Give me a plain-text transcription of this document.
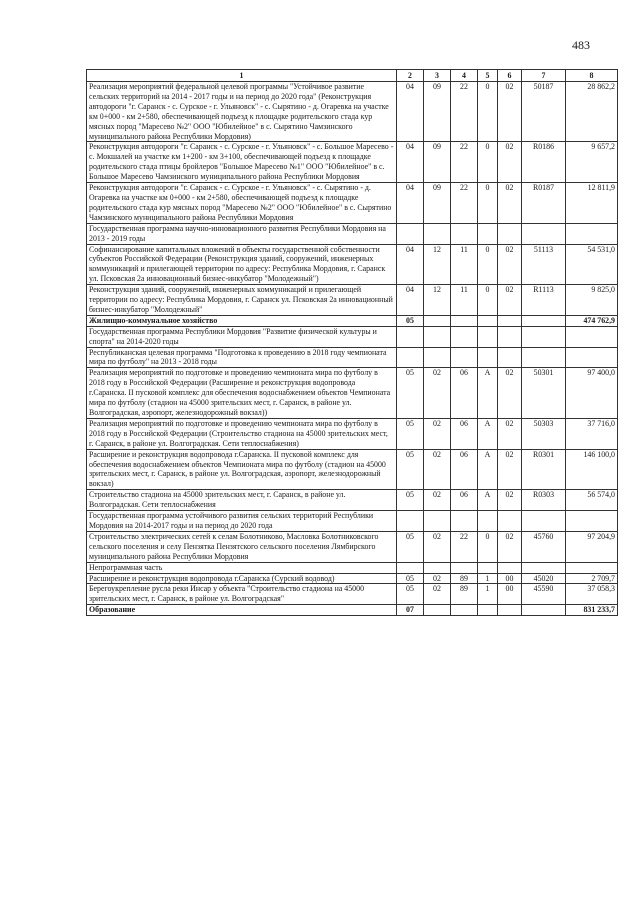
483
1	2	3	4	5	6	7	8
Реализация мероприятий федеральной целевой программы "Устойчивое развитие сельских территорий на 2014 - 2017 годы и на период до 2020 года" (Реконструкция автодороги "г. Саранск - с. Сурское - г. Ульяновск" - с. Сырятино - д. Огаревка на участке км 0+000 - км 2+580, обеспечивающей подъезд к площадке родительского стада кур мясных пород "Маресево №2" ООО "Юбилейное" в с. Сырятино Чамзинского муниципального района Республики Мордовия)	04	09	22	0	02	50187	28 862,2
Реконструкция автодороги "г. Саранск - с. Сурское - г. Ульяновск" - с. Большое Маресево - с. Мокшалей на участке км 1+200 - км 3+100, обеспечивающей подъезд к площадке родительского стада птицы бройлеров "Большое Маресево №1" ООО "Юбилейное" в с. Большое Маресево Чамзинского муниципального района Республики Мордовия	04	09	22	0	02	R0186	9 657,2
Реконструкция автодороги "г. Саранск - с. Сурское - г. Ульяновск" - с. Сырятино - д. Огаревка на участке км 0+000 - км 2+580, обеспечивающей подъезд к площадке родительского стада кур мясных пород "Маресево №2" ООО "Юбилейное" в с. Сырятино Чамзинского муниципального района Республики Мордовия	04	09	22	0	02	R0187	12 811,9
Государственная программа научно-инновационного развития Республики Мордовия на 2013 - 2019 годы							
Софинансирование капитальных вложений в объекты государственной собственности субъектов Российской Федерации (Реконструкция зданий, сооружений, инженерных коммуникаций и прилегающей территории по адресу: Республика Мордовия, г. Саранск ул. Псковская 2а инновационный бизнес-инкубатор "Молодежный")	04	12	11	0	02	51113	54 531,0
Реконструкция зданий, сооружений, инженерных коммуникаций и прилегающей территории по адресу: Республика Мордовия, г. Саранск ул. Псковская 2а инновационный бизнес-инкубатор "Молодежный"	04	12	11	0	02	R1113	9 825,0
Жилищно-коммунальное хозяйство	05						474 762,9
Государственная программа Республики Мордовия "Развитие физической культуры и спорта" на 2014-2020 годы							
Республиканская целевая программа "Подготовка к проведению в 2018 году чемпионата мира по футболу" на 2013 - 2018 годы							
Реализация мероприятий по подготовке и проведению чемпионата мира по футболу в 2018 году в Российской Федерации (Расширение и реконструкция водопровода г.Саранска. II пусковой комплекс для обеспечения водоснабжением объектов Чемпионата мира по футболу (стадион на 45000 зрительских мест, г. Саранск, в районе ул. Волгоградская, аэропорт, железнодорожный вокзал))	05	02	06	А	02	50301	97 400,0
Реализация мероприятий по подготовке и проведению чемпионата мира по футболу в 2018 году в Российской Федерации (Строительство стадиона на 45000 зрительских мест, г. Саранск, в районе ул. Волгоградская. Сети теплоснабжения)	05	02	06	А	02	50303	37 716,0
Расширение и реконструкция водопровода г.Саранска. II пусковой комплекс для обеспечения водоснабжением объектов Чемпионата мира по футболу (стадион на 45000 зрительских мест, г. Саранск, в районе ул. Волгоградская, аэропорт, железнодорожный вокзал)	05	02	06	А	02	R0301	146 100,0
Строительство стадиона на 45000 зрительских мест, г. Саранск, в районе ул. Волгоградская. Сети теплоснабжения	05	02	06	А	02	R0303	56 574,0
Государственная программа устойчивого развития сельских территорий Республики Мордовия на 2014-2017 годы и на период до 2020 года							
Строительство электрических сетей к селам Болотниково, Масловка Болотниковского сельского поселения и селу Пензятка Пензятского сельского поселения Лямбирского муниципального района Республики Мордовия	05	02	22	0	02	45760	97 204,9
Непрограммная часть							
Расширение и реконструкция водопровода г.Саранска (Сурский водовод)	05	02	89	1	00	45020	2 709,7
Берегоукрепление русла реки Инсар у объекта "Строительство стадиона на 45000 зрительских мест, г. Саранск, в районе ул. Волгоградская"	05	02	89	1	00	45590	37 058,3
Образование	07						831 233,7
